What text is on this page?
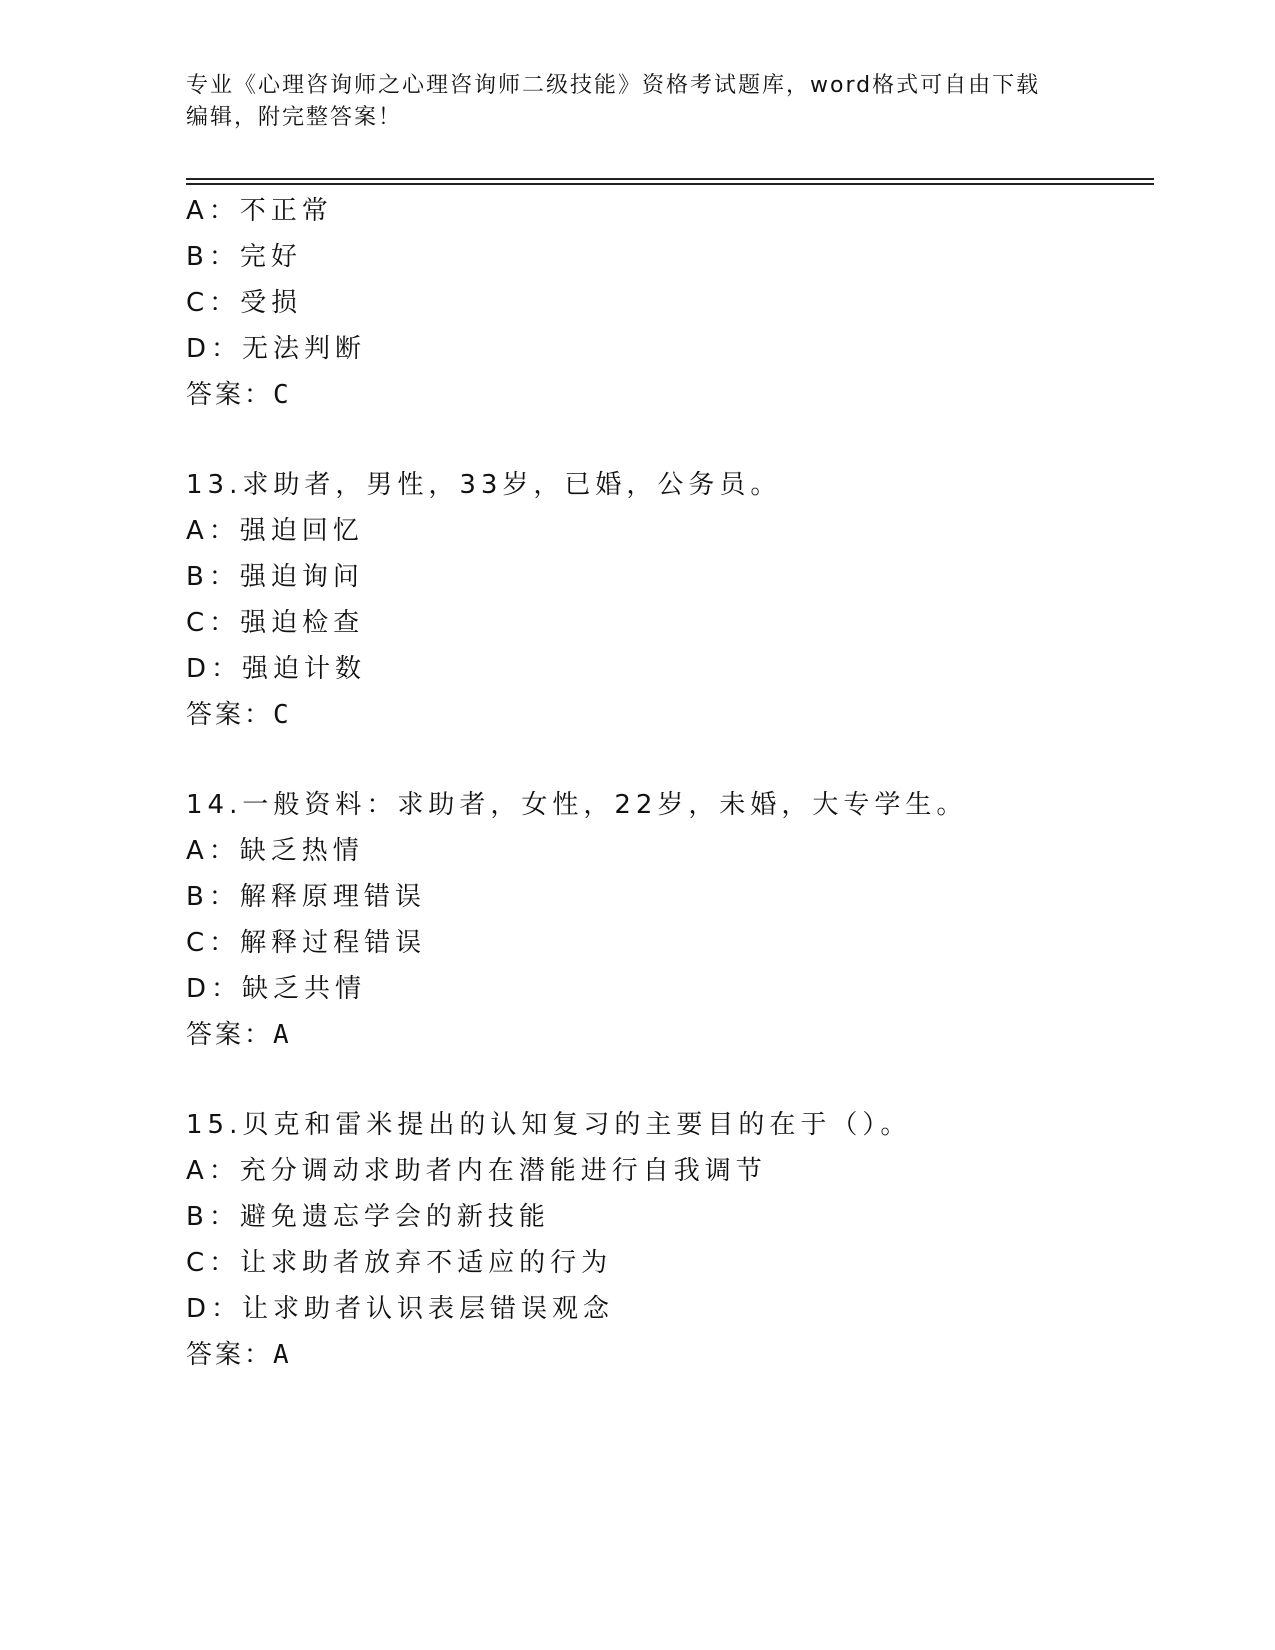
专业《心理咨询师之心理咨询师二级技能》资格考试题库，word格式可自由下载
编辑，附完整答案！
A：不正常
B：完好
C：受损
D：无法判断
答案：C
13.求助者，男性，33岁，已婚，公务员。
A：强迫回忆
B：强迫询问
C：强迫检查
D：强迫计数
答案：C
14.一般资料：求助者，女性，22岁，未婚，大专学生。
A：缺乏热情
B：解释原理错误
C：解释过程错误
D：缺乏共情
答案：A
15.贝克和雷米提出的认知复习的主要目的在于（）。
A：充分调动求助者内在潜能进行自我调节
B：避免遗忘学会的新技能
C：让求助者放弃不适应的行为
D：让求助者认识表层错误观念
答案：A
